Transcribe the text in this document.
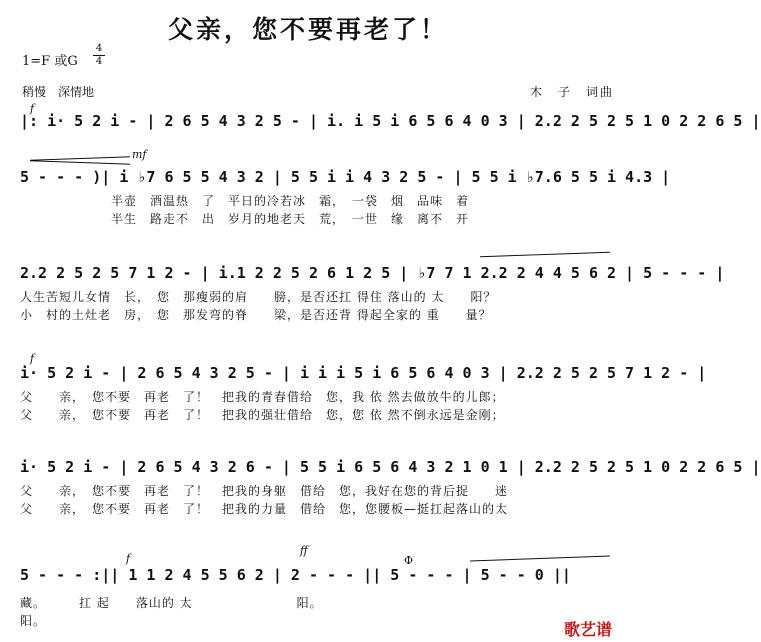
父亲，您不要再老了！
1=F 或G
4
4
稍慢　深情地	木　子　词曲
f
|: i· 5 2 i - | 2 6 5 4 3 2 5 - | i. i 5 i 6 5 6 4 0 3 | 2.2 2 5 2 5 1 0 2 2 6 5 |
mf
5 - - - )| i ♭7 6 5 5 4 3 2 | 5 5 i i 4 3 2 5 - | 5 5 i ♭7.6 5 5 i 4.3 |
　　　　　　　半壶　酒温热　了　平日的冷若冰　霜，　一袋　烟　品味　着
　　　　　　　半生　路走不　出　岁月的地老天　荒，　一世　缘　离不　开
2.2 2 5 2 5 7 1 2 - | i.1 2 2 5 2 6 1 2 5 | ♭7 7 1 2.2 2 4 4 5 6 2 | 5 - - - |
人生苦短儿女情　长，　您　那瘦弱的肩　　膀，是否还扛 得住 落山的 太　　阳？
小　村的土灶老　房，　您　那发弯的脊　　梁，是否还背 得起全家的 重　　量？
f
i· 5 2 i - | 2 6 5 4 3 2 5 - | i i i 5 i 6 5 6 4 0 3 | 2.2 2 5 2 5 7 1 2 - |
父　　亲，　您不要　再老　了！　把我的青春借给　您，我 依 然去做放牛的儿郎；
父　　亲，　您不要　再老　了！　把我的强壮借给　您，您 依 然不倒永远是金刚；
i· 5 2 i - | 2 6 5 4 3 2 6 - | 5 5 i 6 5 6 4 3 2 1 0 1 | 2.2 2 5 2 5 1 0 2 2 6 5 |
父　　亲，　您不要　再老　了！　把我的身躯　借给　您，我好在您的背后捉　　迷
父　　亲，　您不要　再老　了！　把我的力量　借给　您，您腰板—挺扛起落山的太
f
ff
Φ
5 - - - :|| 1 1 2 4 5 5 6 2 | 2 - - - || 5 - - - | 5 - - 0 ||
藏。　　　扛 起　　落山的 太　　　　　　　　阳。
阳。	歌艺谱
